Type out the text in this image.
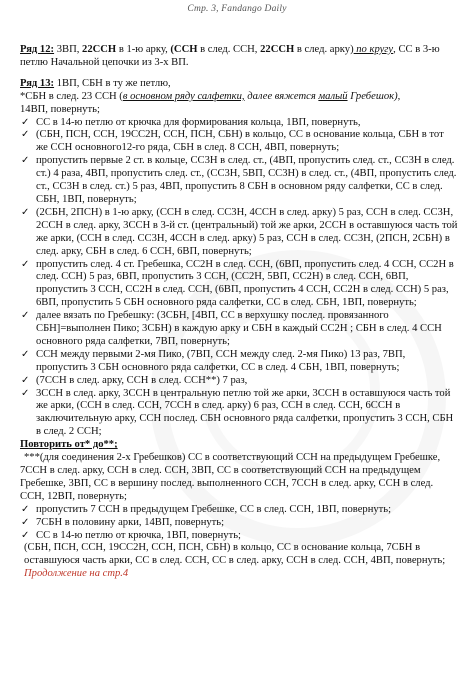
Стр. 3, Fandango Daily

Ряд 12: 3ВП, 22ССН в 1-ю арку, (ССН в след. ССН, 22ССН в след. арку) по кругу, СС в 3-ю петлю Начальной цепочки из 3-х ВП.

Ряд 13: 1ВП, СБН в ту же петлю,
*СБН в след. 23 ССН (в основном ряду салфетки, далее вяжется малый Гребешок),
14ВП, повернуть;

✓ СС в 14-ю петлю от крючка для формирования кольца, 1ВП, повернуть,
✓ (СБН, ПСН, ССН, 19СС2Н, ССН, ПСН, СБН) в кольцо, СС в основание кольца, СБН в тот же ССН основного12-го ряда, СБН в след. 8 ССН, 4ВП, повернуть;
✓ пропустить первые 2 ст. в кольце, СС3Н в след. ст., (4ВП, пропустить след. ст., СС3Н в след. ст.) 4 раза, 4ВП, пропустить след. ст., (СС3Н, 5ВП, СС3Н) в след. ст., (4ВП, пропустить след. ст., СС3Н в след. ст.) 5 раз, 4ВП, пропустить 8 СБН в основном ряду салфетки, СС в след. СБН, 1ВП, повернуть;
✓ (2СБН, 2ПСН) в 1-ю арку, (ССН в след. СС3Н, 4ССН в след. арку) 5 раз, ССН в след. СС3Н, 2ССН в след. арку, 3ССН в 3-й ст. (центральный) той же арки, 2ССН в оставшуюся часть той же арки, (ССН в след. СС3Н, 4ССН в след. арку) 5 раз, ССН в след. СС3Н, (2ПСН, 2СБН) в след. арку, СБН в след. 6 ССН, 6ВП, повернуть;
✓ пропустить след. 4 ст. Гребешка, СС2Н в след. ССН, (6ВП, пропустить след. 4 ССН, СС2Н в след. ССН) 5 раз, 6ВП, пропустить 3 ССН, (СС2Н, 5ВП, СС2Н) в след. ССН, 6ВП, пропустить 3 ССН, СС2Н в след. ССН, (6ВП, пропустить 4 ССН, СС2Н в след. ССН) 5 раз, 6ВП, пропустить 5 СБН основного ряда салфетки, СС в след. СБН, 1ВП, повернуть;
✓ далее вязать по Гребешку: (3СБН, [4ВП, СС в верхушку послед. провязанного СБН]=выполнен Пико; 3СБН) в каждую арку и СБН в каждый СС2Н ; СБН в след. 4 ССН основного ряда салфетки, 7ВП, повернуть;
✓ ССН между первыми 2-мя Пико, (7ВП, ССН между след. 2-мя Пико) 13 раз, 7ВП, пропустить 3 СБН основного ряда салфетки, СС в след. 4 СБН, 1ВП, повернуть;
✓ (7ССН в след. арку, ССН в след. ССН**) 7 раз,
✓ 3ССН в след. арку, 3ССН в центральную петлю той же арки, 3ССН в оставшуюся часть той же арки, (ССН в след. ССН, 7ССН в след. арку) 6 раз, ССН в след. ССН, 6ССН в заключительную арку, ССН послед. СБН основного ряда салфетки, пропустить 3 ССН, СБН в след. 2 ССН;

Повторить от* до**;
***(для соединения 2-х Гребешков) СС в соответствующий ССН на предыдущем Гребешке, 7ССН в след. арку, ССН в след. ССН, 3ВП, СС в соответствующий ССН на предыдущем Гребешке, 3ВП, СС в вершину послед. выполненного ССН, 7ССН в след. арку, ССН в след. ССН, 12ВП, повернуть;

✓ пропустить 7 ССН в предыдущем Гребешке, СС в след. ССН, 1ВП, повернуть;
✓ 7СБН в половину арки, 14ВП, повернуть;
✓ СС в 14-ю петлю от крючка, 1ВП, повернуть;

(СБН, ПСН, ССН, 19СС2Н, ССН, ПСН, СБН) в кольцо, СС в основание кольца, 7СБН в оставшуюся часть арки, СС в след. ССН, СС в след. арку, ССН в след. ССН, 4ВП, повернуть; Продолжение на стр.4
